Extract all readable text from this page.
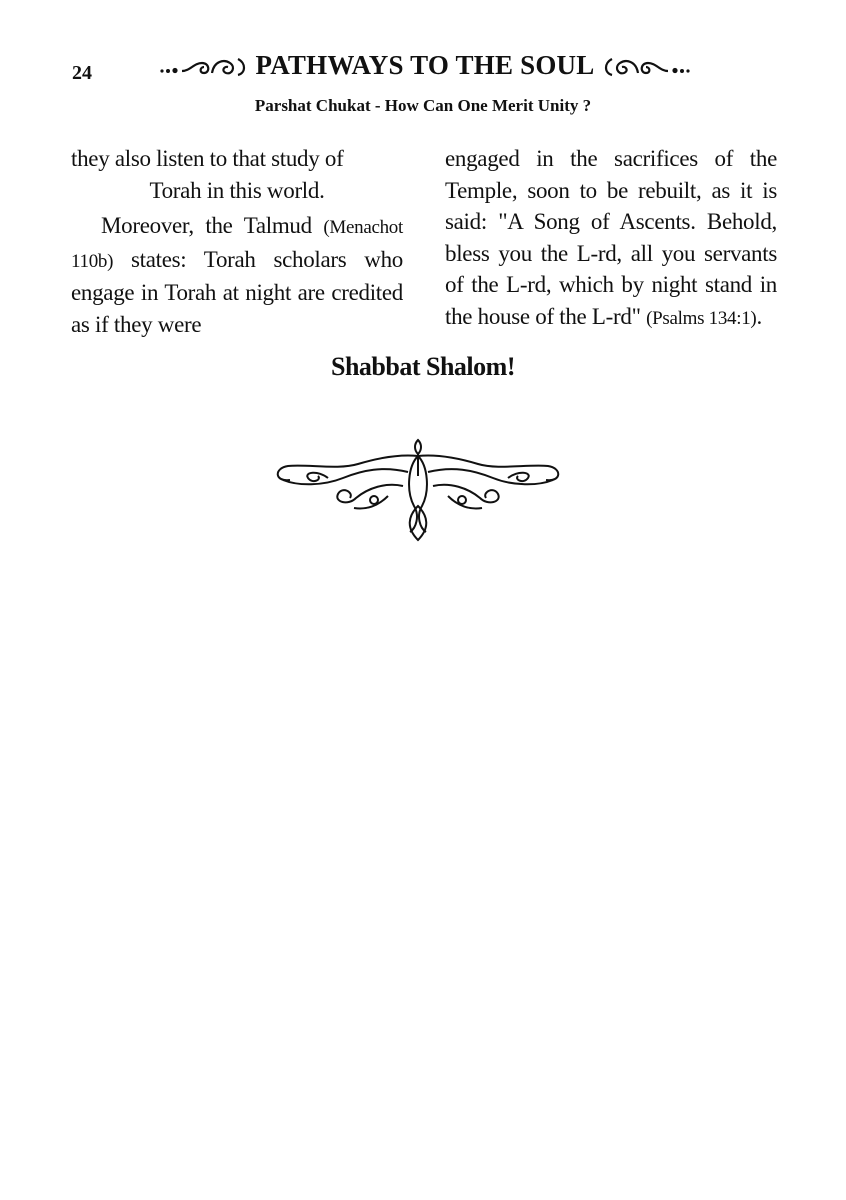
24	PATHWAYS TO THE SOUL
Parshat Chukat - How Can One Merit Unity ?

they also listen to that study of

Torah in this world.

Moreover, the Talmud (Menachot 110b) states: Torah scholars who engage in Torah at night are credited as if they were

engaged in the sacrifices of the Temple, soon to be rebuilt, as it is said: "A Song of Ascents. Behold, bless you the L-rd, all you servants of the L-rd, which by night stand in the house of the L-rd" (Psalms 134:1).

Shabbat Shalom!
